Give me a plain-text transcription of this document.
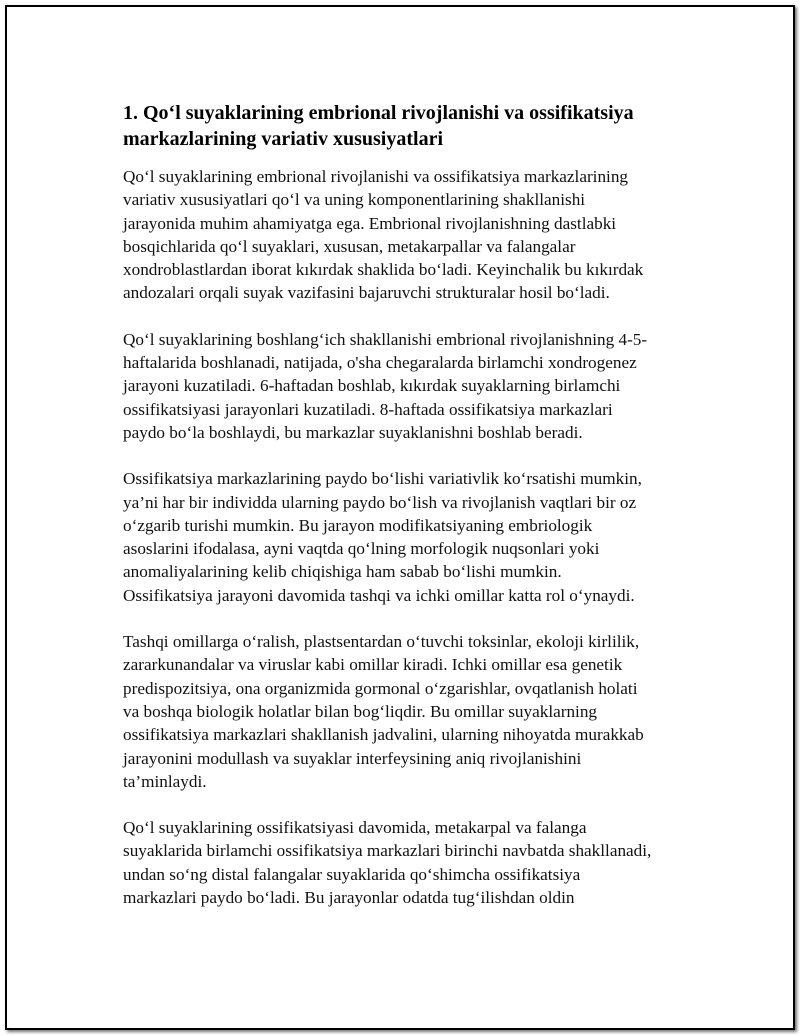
1. Qo‘l suyaklarining embrional rivojlanishi va ossifikatsiya
markazlarining variativ xususiyatlari

Qo‘l suyaklarining embrional rivojlanishi va ossifikatsiya markazlarining
variativ xususiyatlari qo‘l va uning komponentlarining shakllanishi
jarayonida muhim ahamiyatga ega. Embrional rivojlanishning dastlabki
bosqichlarida qo‘l suyaklari, xususan, metakarpallar va falangalar
xondroblastlardan iborat kıkırdak shaklida bo‘ladi. Keyinchalik bu kıkırdak
andozalari orqali suyak vazifasini bajaruvchi strukturalar hosil bo‘ladi.

Qo‘l suyaklarining boshlang‘ich shakllanishi embrional rivojlanishning 4-5-
haftalarida boshlanadi, natijada, o'sha chegaralarda birlamchi xondrogenez
jarayoni kuzatiladi. 6-haftadan boshlab, kıkırdak suyaklarning birlamchi
ossifikatsiyasi jarayonlari kuzatiladi. 8-haftada ossifikatsiya markazlari
paydo bo‘la boshlaydi, bu markazlar suyaklanishni boshlab beradi.

Ossifikatsiya markazlarining paydo bo‘lishi variativlik ko‘rsatishi mumkin,
ya’ni har bir individda ularning paydo bo‘lish va rivojlanish vaqtlari bir oz
o‘zgarib turishi mumkin. Bu jarayon modifikatsiyaning embriologik
asoslarini ifodalasa, ayni vaqtda qo‘lning morfologik nuqsonlari yoki
anomaliyalarining kelib chiqishiga ham sabab bo‘lishi mumkin.
Ossifikatsiya jarayoni davomida tashqi va ichki omillar katta rol o‘ynaydi.

Tashqi omillarga o‘ralish, plastsentardan o‘tuvchi toksinlar, ekoloji kirlilik,
zararkunandalar va viruslar kabi omillar kiradi. Ichki omillar esa genetik
predispozitsiya, ona organizmida gormonal o‘zgarishlar, ovqatlanish holati
va boshqa biologik holatlar bilan bog‘liqdir. Bu omillar suyaklarning
ossifikatsiya markazlari shakllanish jadvalini, ularning nihoyatda murakkab
jarayonini modullash va suyaklar interfeysining aniq rivojlanishini
ta’minlaydi.

Qo‘l suyaklarining ossifikatsiyasi davomida, metakarpal va falanga
suyaklarida birlamchi ossifikatsiya markazlari birinchi navbatda shakllanadi,
undan so‘ng distal falangalar suyaklarida qo‘shimcha ossifikatsiya
markazlari paydo bo‘ladi. Bu jarayonlar odatda tug‘ilishdan oldin
